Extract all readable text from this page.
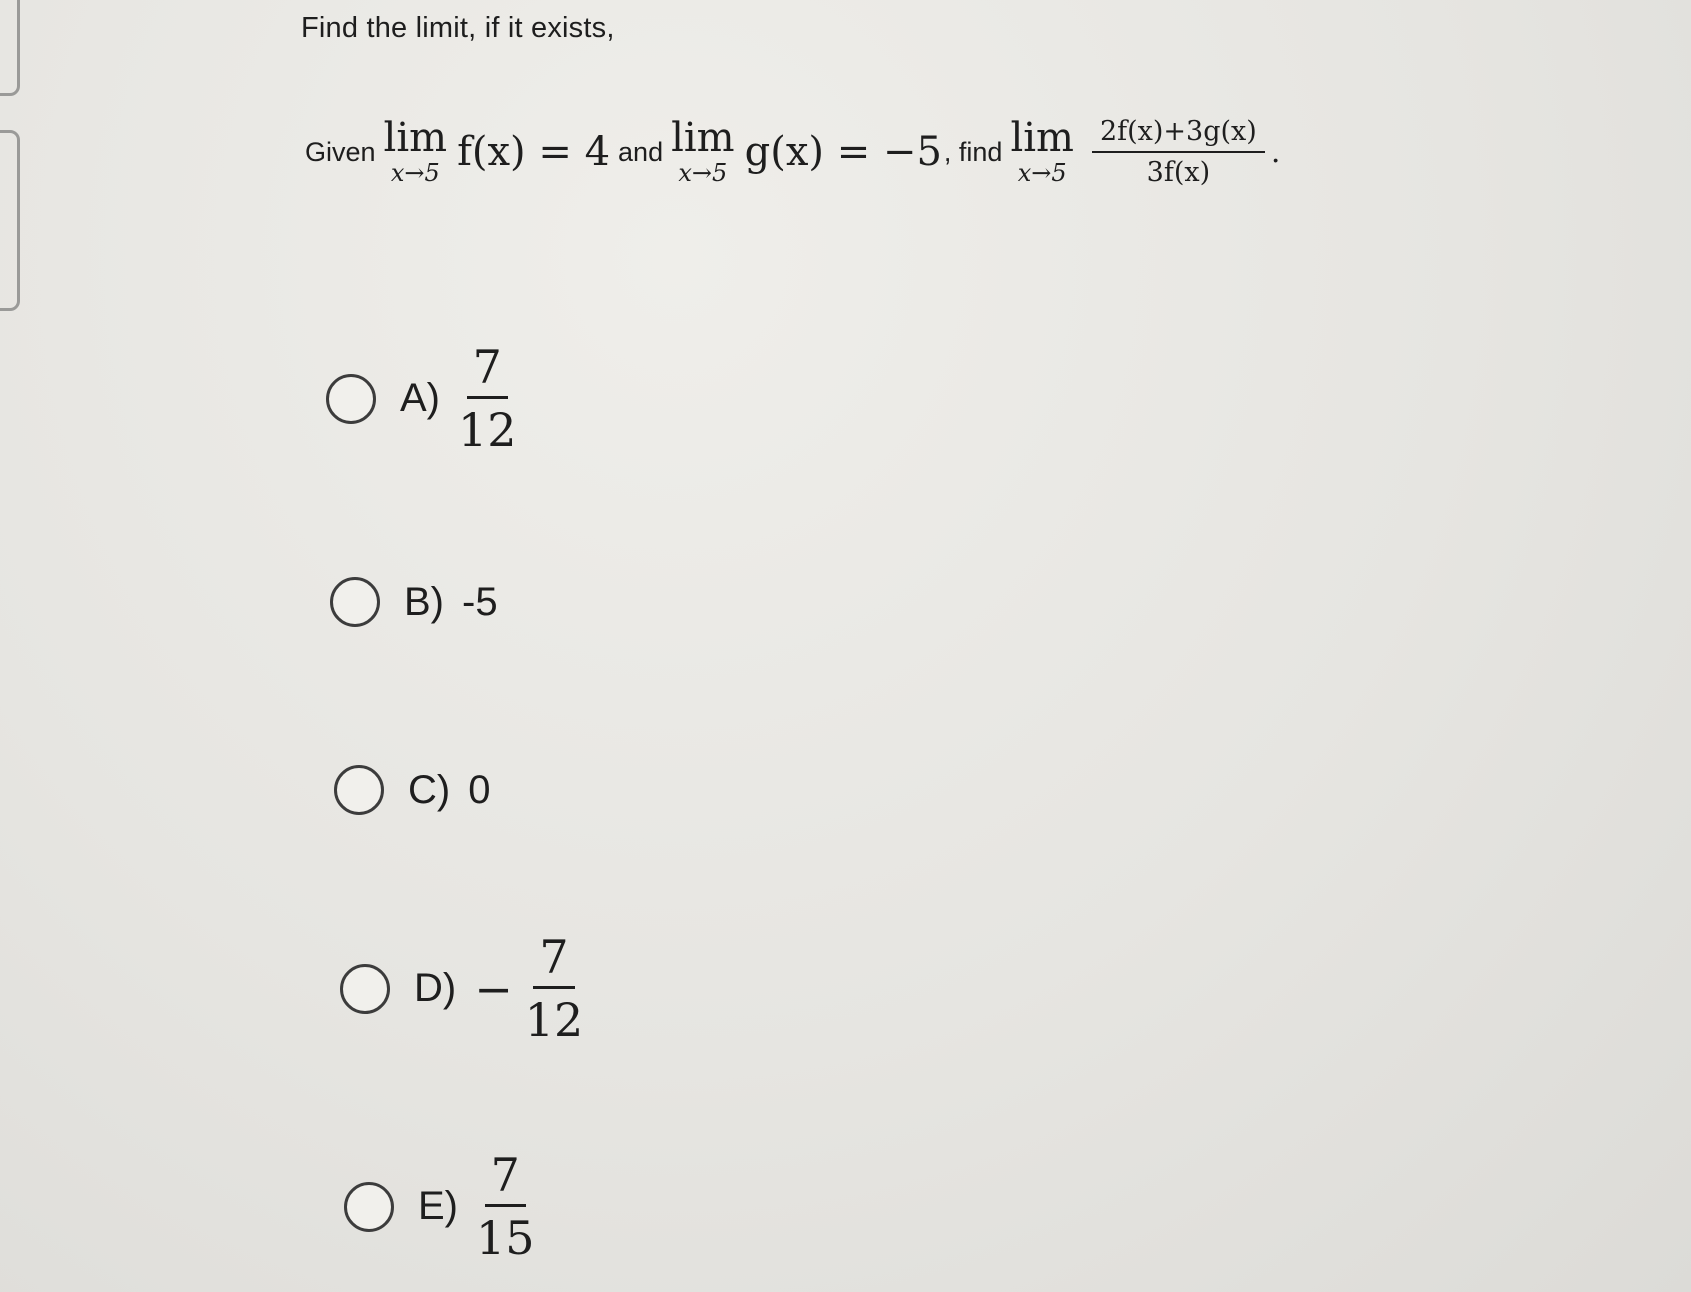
Find the limit, if it exists,
Given lim
x→5 f(x) = 4 and lim
x→5 g(x) = −5 , find lim
$x\to 5 \frac{2f(x)+3g(x)}{3f(x)}$ .
$A) \frac{7}{12}$
B) -5
C) 0
$D) - \frac{7}{12}$
$E) \frac{7}{15}$
